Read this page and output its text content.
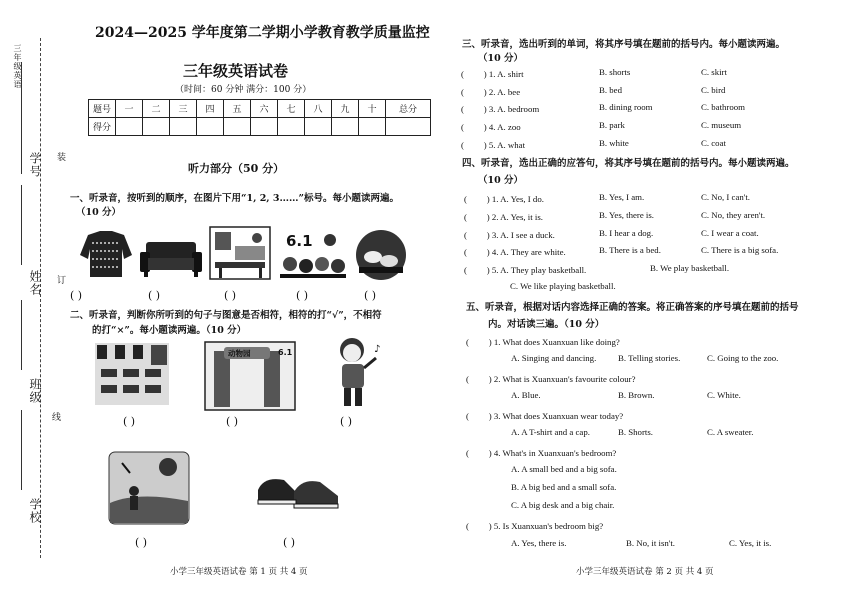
三年级英语
学号
姓名
班级
学校
装
订
线
2024—2025 学年度第二学期小学教育教学质量监控
三年级英语试卷
（时间：60 分钟 满分：100 分）
题号	一	二	三	四	五	六	七	八	九	十	总分
得分											
听力部分（50 分）
一、听录音，按听到的顺序，在图片下用“1, 2, 3……”标号。每小题读两遍。
（10 分）
6.1
( )	( )	( )	( )	( )
二、听录音，判断你所听到的句子与图意是否相符，相符的打“√”，不相符
的打“×”。每小题读两遍。（10 分）
动物园	6.1	♪
( )	( )	( )
( )	( )
小学三年级英语试卷 第 1 页 共 4 页
三、听录音，选出听到的单词，将其序号填在题前的括号内。每小题读两遍。
（10 分）
( 　　) 1. A. shirt	B. shorts	C. skirt
( 　　) 2. A. bee	B. bed	C. bird
( 　　) 3. A. bedroom	B. dining room	C. bathroom
( 　　) 4. A. zoo	B. park	C. museum
( 　　) 5. A. what	B. white	C. coat
四、听录音，选出正确的应答句，将其序号填在题前的括号内。每小题读两遍。
（10 分）
( 　　) 1. A. Yes, I do.	B. Yes, I am.	C. No, I can't.
( 　　) 2. A. Yes, it is.	B. Yes, there is.	C. No, they aren't.
( 　　) 3. A. I see a duck.	B. I hear a dog.	C. I wear a coat.
( 　　) 4. A. They are white.	B. There is a bed.	C. There is a big sofa.
( 　　) 5. A. They play basketball.	B. We play basketball.
C. We like playing basketball.
五、听录音，根据对话内容选择正确的答案。将正确答案的序号填在题前的括号
内。对话读三遍。（10 分）
( 　　) 1. What does Xuanxuan like doing?
A. Singing and dancing. B. Telling stories.	C. Going to the zoo.
( 　　) 2. What is Xuanxuan's favourite colour?
A. Blue.	B. Brown.	C. White.
( 　　) 3. What does Xuanxuan wear today?
A. A T-shirt and a cap.	B. Shorts.	C. A sweater.
( 　　) 4. What's in Xuanxuan's bedroom?
A. A small bed and a big sofa.
B. A big bed and a small sofa.
C. A big desk and a big chair.
( 　　) 5. Is Xuanxuan's bedroom big?
A. Yes, there is.	B. No, it isn't.	C. Yes, it is.
小学三年级英语试卷 第 2 页 共 4 页
